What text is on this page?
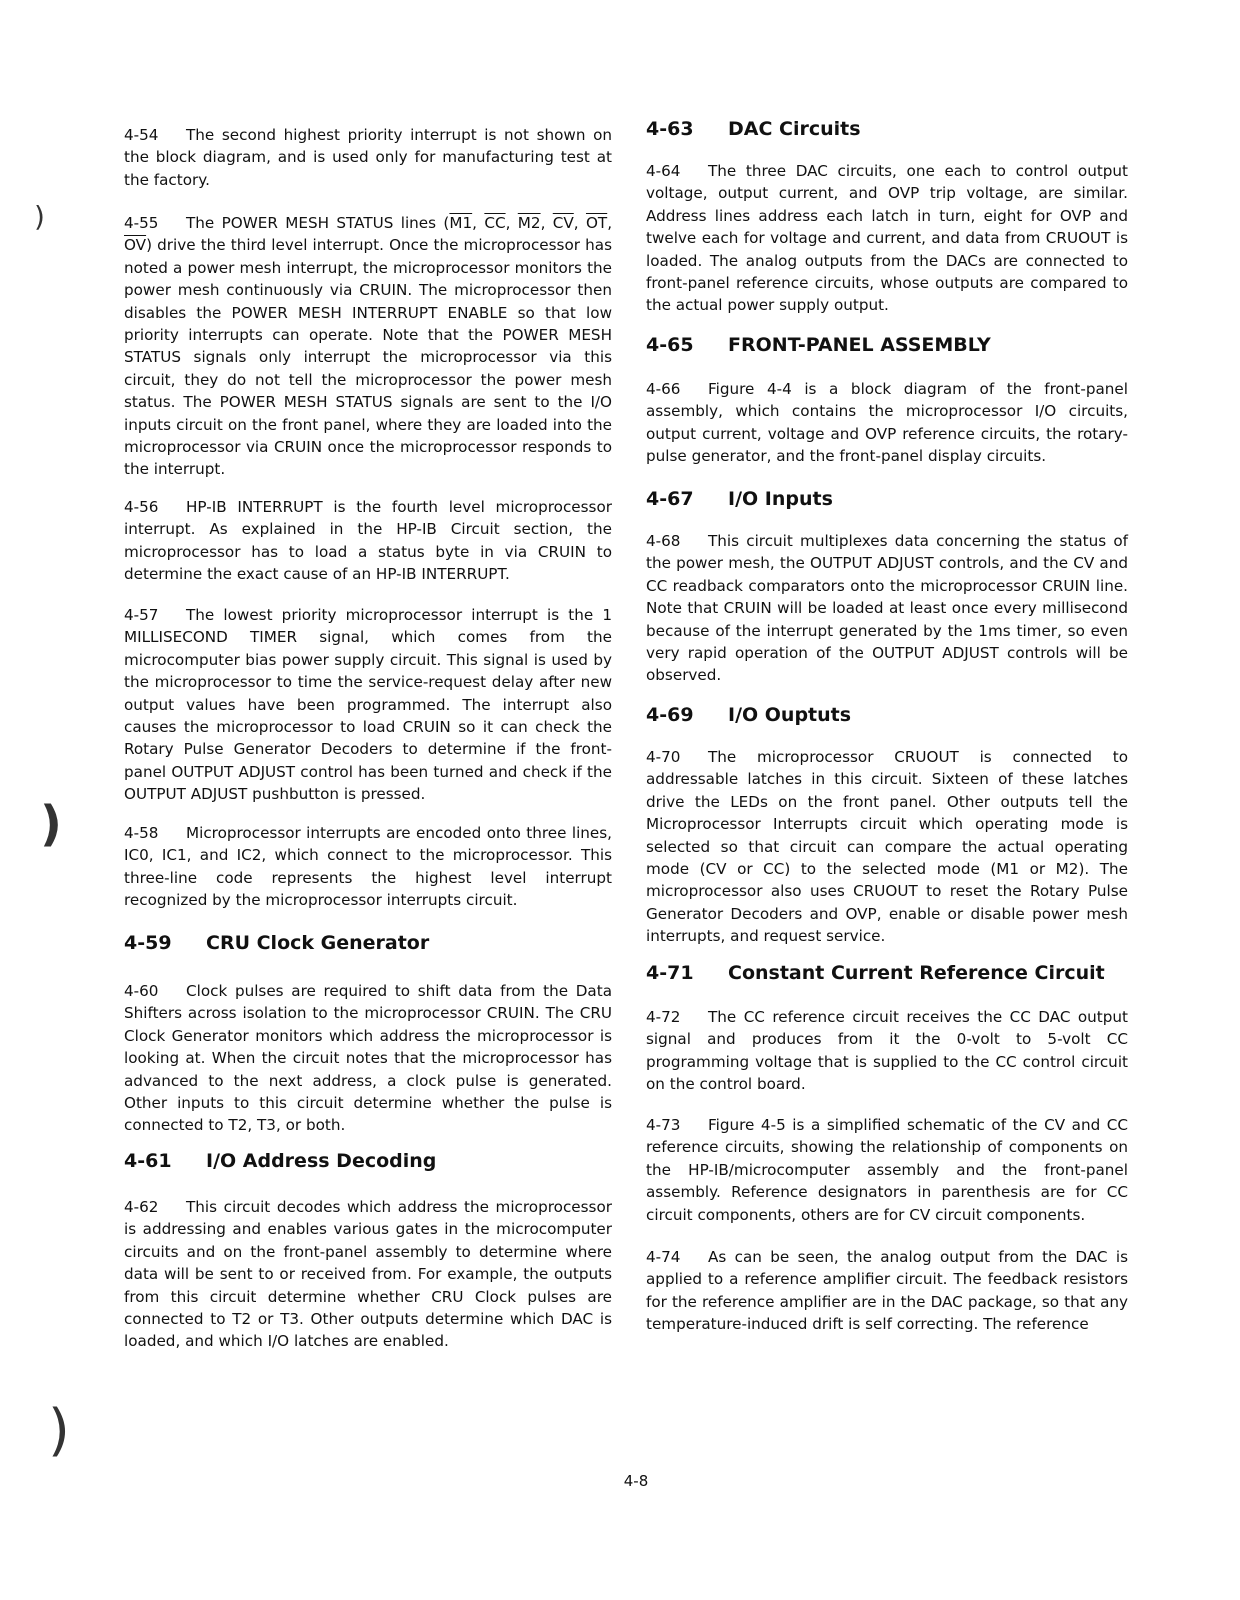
)
)
)

4-54 The second highest priority interrupt is not shown on the block diagram, and is used only for manufacturing test at the factory.

4-55 The POWER MESH STATUS lines (M1, $\overline{CC}$, M2, $\overline{CV}$, $\overline{OT}$, $\overline{OV}$) drive the third level interrupt. Once the microprocessor has noted a power mesh interrupt, the microprocessor monitors the power mesh continuously via CRUIN. The microprocessor then disables the POWER MESH INTERRUPT ENABLE so that low priority interrupts can operate. Note that the POWER MESH STATUS signals only interrupt the microprocessor via this circuit, they do not tell the microprocessor the power mesh status. The POWER MESH STATUS signals are sent to the I/O inputs circuit on the front panel, where they are loaded into the microprocessor via CRUIN once the microprocessor responds to the interrupt.

4-56 HP-IB INTERRUPT is the fourth level microprocessor interrupt. As explained in the HP-IB Circuit section, the microprocessor has to load a status byte in via CRUIN to determine the exact cause of an HP-IB INTERRUPT.

4-57 The lowest priority microprocessor interrupt is the 1 MILLISECOND TIMER signal, which comes from the microcomputer bias power supply circuit. This signal is used by the microprocessor to time the service-request delay after new output values have been programmed. The interrupt also causes the microprocessor to load CRUIN so it can check the Rotary Pulse Generator Decoders to determine if the front-panel OUTPUT ADJUST control has been turned and check if the OUTPUT ADJUST pushbutton is pressed.

4-58 Microprocessor interrupts are encoded onto three lines, IC0, IC1, and IC2, which connect to the microprocessor. This three-line code represents the highest level interrupt recognized by the microprocessor interrupts circuit.

4-59 CRU Clock Generator

4-60 Clock pulses are required to shift data from the Data Shifters across isolation to the microprocessor CRUIN. The CRU Clock Generator monitors which address the microprocessor is looking at. When the circuit notes that the microprocessor has advanced to the next address, a clock pulse is generated. Other inputs to this circuit determine whether the pulse is connected to T2, T3, or both.

4-61 I/O Address Decoding

4-62 This circuit decodes which address the microprocessor is addressing and enables various gates in the microcomputer circuits and on the front-panel assembly to determine where data will be sent to or received from. For example, the outputs from this circuit determine whether CRU Clock pulses are connected to T2 or T3. Other outputs determine which DAC is loaded, and which I/O latches are enabled.

4-63 DAC Circuits

4-64 The three DAC circuits, one each to control output voltage, output current, and OVP trip voltage, are similar. Address lines address each latch in turn, eight for OVP and twelve each for voltage and current, and data from CRUOUT is loaded. The analog outputs from the DACs are connected to front-panel reference circuits, whose outputs are compared to the actual power supply output.

4-65 FRONT-PANEL ASSEMBLY

4-66 Figure 4-4 is a block diagram of the front-panel assembly, which contains the microprocessor I/O circuits, output current, voltage and OVP reference circuits, the rotary-pulse generator, and the front-panel display circuits.

4-67 I/O Inputs

4-68 This circuit multiplexes data concerning the status of the power mesh, the OUTPUT ADJUST controls, and the CV and CC readback comparators onto the microprocessor CRUIN line. Note that CRUIN will be loaded at least once every millisecond because of the interrupt generated by the 1ms timer, so even very rapid operation of the OUTPUT ADJUST controls will be observed.

4-69 I/O Ouptuts

4-70 The microprocessor CRUOUT is connected to addressable latches in this circuit. Sixteen of these latches drive the LEDs on the front panel. Other outputs tell the Microprocessor Interrupts circuit which operating mode is selected so that circuit can compare the actual operating mode (CV or CC) to the selected mode (M1 or M2). The microprocessor also uses CRUOUT to reset the Rotary Pulse Generator Decoders and OVP, enable or disable power mesh interrupts, and request service.

4-71 Constant Current Reference Circuit

4-72 The CC reference circuit receives the CC DAC output signal and produces from it the 0-volt to 5-volt CC programming voltage that is supplied to the CC control circuit on the control board.

4-73 Figure 4-5 is a simplified schematic of the CV and CC reference circuits, showing the relationship of components on the HP-IB/microcomputer assembly and the front-panel assembly. Reference designators in parenthesis are for CC circuit components, others are for CV circuit components.

4-74 As can be seen, the analog output from the DAC is applied to a reference amplifier circuit. The feedback resistors for the reference amplifier are in the DAC package, so that any temperature-induced drift is self correcting. The reference

4-8
